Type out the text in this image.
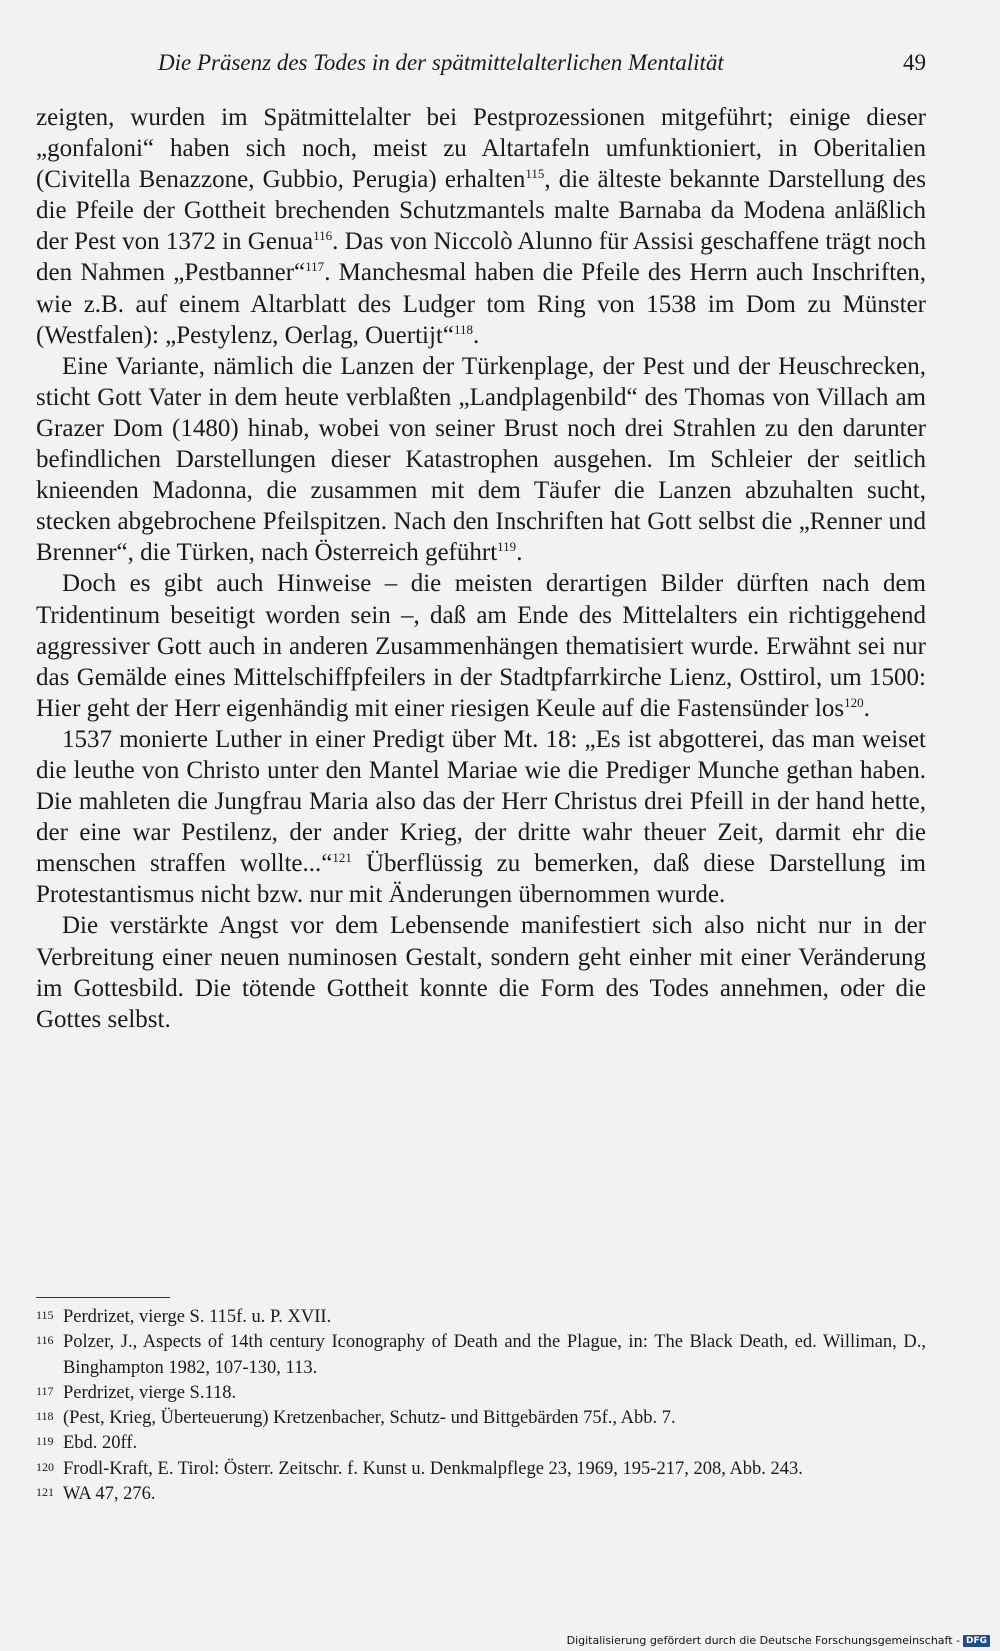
Die Präsenz des Todes in der spätmittelalterlichen Mentalität	49

zeigten, wurden im Spätmittelalter bei Pestprozessionen mitgeführt; einige dieser „gonfaloni“ haben sich noch, meist zu Altartafeln umfunktioniert, in Oberitalien (Civitella Benazzone, Gubbio, Perugia) erhalten$^{115}$, die älteste bekannte Darstellung des die Pfeile der Gottheit brechenden Schutzmantels malte Barnaba da Modena anläßlich der Pest von 1372 in Genua$^{116}$. Das von Niccolò Alunno für Assisi geschaffene trägt noch den Nahmen „Pestbanner“$^{117}$. Manchesmal haben die Pfeile des Herrn auch Inschriften, wie z.B. auf einem Altarblatt des Ludger tom Ring von 1538 im Dom zu Münster (Westfalen): „Pestylenz, Oerlag, Ouertijt“$^{118}$.

Eine Variante, nämlich die Lanzen der Türkenplage, der Pest und der Heuschrecken, sticht Gott Vater in dem heute verblaßten „Landplagenbild“ des Thomas von Villach am Grazer Dom (1480) hinab, wobei von seiner Brust noch drei Strahlen zu den darunter befindlichen Darstellungen dieser Katastrophen ausgehen. Im Schleier der seitlich knieenden Madonna, die zusammen mit dem Täufer die Lanzen abzuhalten sucht, stecken abgebrochene Pfeilspitzen. Nach den Inschriften hat Gott selbst die „Renner und Brenner“, die Türken, nach Österreich geführt$^{119}$.

Doch es gibt auch Hinweise – die meisten derartigen Bilder dürften nach dem Tridentinum beseitigt worden sein –, daß am Ende des Mittelalters ein richtiggehend aggressiver Gott auch in anderen Zusammenhängen thematisiert wurde. Erwähnt sei nur das Gemälde eines Mittelschiffpfeilers in der Stadtpfarrkirche Lienz, Osttirol, um 1500: Hier geht der Herr eigenhändig mit einer riesigen Keule auf die Fastensünder los$^{120}$.

1537 monierte Luther in einer Predigt über Mt. 18: „Es ist abgotterei, das man weiset die leuthe von Christo unter den Mantel Mariae wie die Prediger Munche gethan haben. Die mahleten die Jungfrau Maria also das der Herr Christus drei Pfeill in der hand hette, der eine war Pestilenz, der ander Krieg, der dritte wahr theuer Zeit, darmit ehr die menschen straffen wollte...“$^{121}$ Überflüssig zu bemerken, daß diese Darstellung im Protestantismus nicht bzw. nur mit Änderungen übernommen wurde.

Die verstärkte Angst vor dem Lebensende manifestiert sich also nicht nur in der Verbreitung einer neuen numinosen Gestalt, sondern geht einher mit einer Veränderung im Gottesbild. Die tötende Gottheit konnte die Form des Todes annehmen, oder die Gottes selbst.

115 Perdrizet, vierge S. 115f. u. P. XVII.
116 Polzer, J., Aspects of 14th century Iconography of Death and the Plague, in: The Black Death, ed. Williman, D., Binghampton 1982, 107-130, 113.
117 Perdrizet, vierge S.118.
118 (Pest, Krieg, Überteuerung) Kretzenbacher, Schutz- und Bittgebärden 75f., Abb. 7.
119 Ebd. 20ff.
120 Frodl-Kraft, E. Tirol: Österr. Zeitschr. f. Kunst u. Denkmalpflege 23, 1969, 195-217, 208, Abb. 243.
121 WA 47, 276.
Digitalisierung gefördert durch die Deutsche Forschungsgemeinschaft - DFG
